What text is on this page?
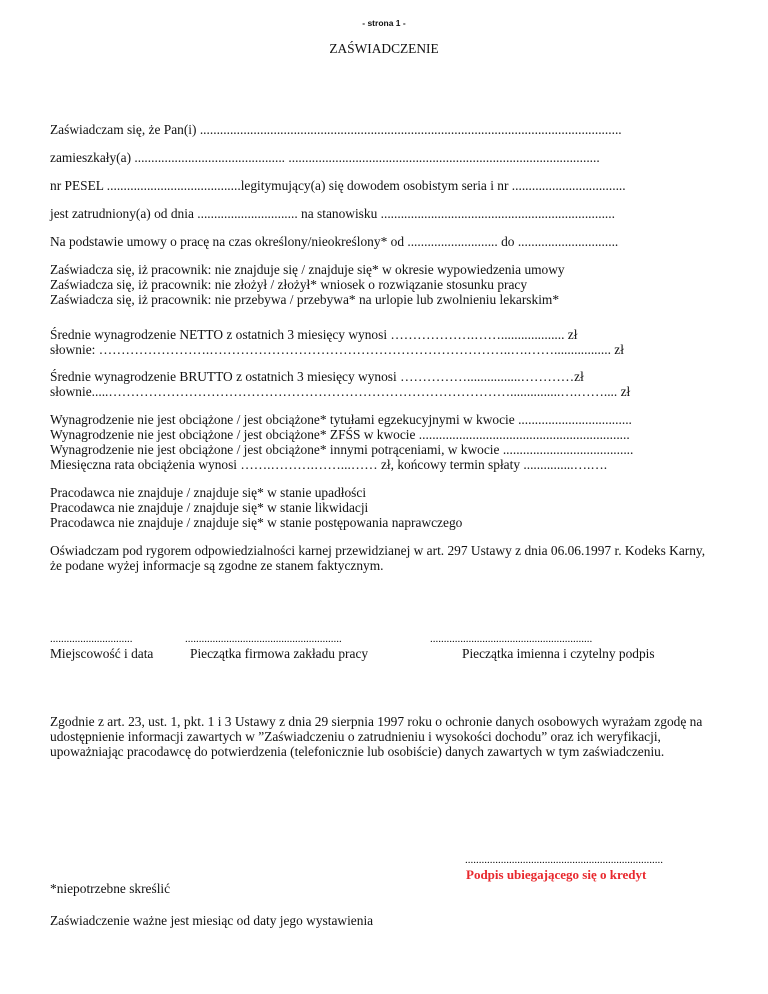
- strona 1 -
ZAŚWIADCZENIE
Zaświadczam się, że Pan(i) ..............................................................................................................................
zamieszkały(a) ............................................. .............................................................................................
nr PESEL ........................................legitymujący(a) się dowodem osobistym seria i nr ..................................
jest zatrudniony(a) od dnia .............................. na stanowisku ......................................................................
Na podstawie umowy o pracę na czas określony/nieokreślony* od ........................... do ..............................
Zaświadcza się, iż pracownik: nie znajduje się / znajduje się* w okresie wypowiedzenia umowy
Zaświadcza się, iż pracownik: nie złożył / złożył* wniosek o rozwiązanie stosunku pracy
Zaświadcza się, iż pracownik: nie przebywa / przebywa* na urlopie lub zwolnieniu lekarskim*
Średnie wynagrodzenie NETTO z ostatnich 3 miesięcy wynosi ……………….……................... zł
słownie: …………………….…………………………………………………………..….……................. zł
Średnie wynagrodzenie BRUTTO z ostatnich 3 miesięcy wynosi ……………................…………zł
słownie.....………………………………………………………………………………...............….…….... zł
Wynagrodzenie nie jest obciążone / jest obciążone* tytułami egzekucyjnymi w kwocie ..................................
Wynagrodzenie nie jest obciążone / jest obciążone* ZFŚS w kwocie ...............................................................
Wynagrodzenie nie jest obciążone / jest obciążone* innymi potrąceniami, w kwocie .......................................
Miesięczna rata obciążenia wynosi …….……….……...…… zł, końcowy termin spłaty ...............….….
Pracodawca nie znajduje / znajduje się* w stanie upadłości
Pracodawca nie znajduje / znajduje się* w stanie likwidacji
Pracodawca nie znajduje / znajduje się* w stanie postępowania naprawczego
Oświadczam pod rygorem odpowiedzialności karnej przewidzianej w art. 297 Ustawy z dnia 06.06.1997 r. Kodeks Karny, że podane wyżej informacje są zgodne ze stanem faktycznym.
..............................
Miejscowość i data
.........................................................
Pieczątka firmowa zakładu pracy
...........................................................
Pieczątka imienna i czytelny podpis
Zgodnie z art. 23, ust. 1, pkt. 1 i 3 Ustawy z dnia 29 sierpnia 1997 roku o ochronie danych osobowych wyrażam zgodę na udostępnienie informacji zawartych w ”Zaświadczeniu o zatrudnieniu i wysokości dochodu” oraz ich weryfikacji, upoważniając pracodawcę do potwierdzenia (telefonicznie lub osobiście) danych zawartych w tym zaświadczeniu.
........................................................................
Podpis ubiegającego się o kredyt
*niepotrzebne skreślić
Zaświadczenie ważne jest miesiąc od daty jego wystawienia
